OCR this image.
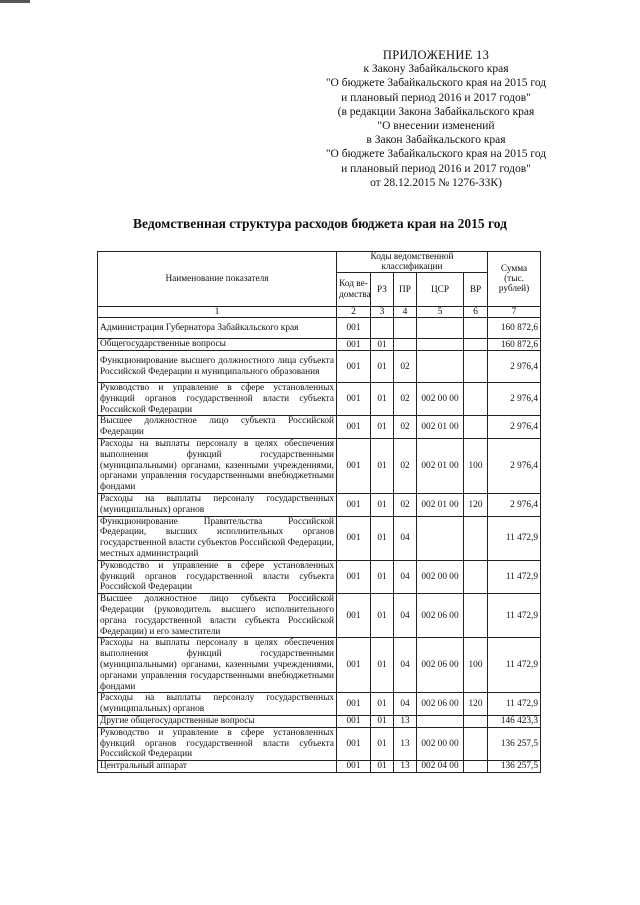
ПРИЛОЖЕНИЕ 13
к Закону Забайкальского края
"О бюджете Забайкальского края на 2015 год
и плановый период 2016 и 2017 годов"
(в редакции Закона Забайкальского края
"О внесении изменений
в Закон Забайкальского края
"О бюджете Забайкальского края на 2015 год
и плановый период 2016 и 2017 годов"
от 28.12.2015 № 1276-ЗЗК)
Ведомственная структура расходов бюджета края на 2015 год
Наименование показателя	Коды ведомственной классификации					Сумма (тыс. рублей)
	Код ве-домства	РЗ	ПР	ЦСР	ВР	
1	2	3	4	5	6	7
Администрация Губернатора Забайкальского края	001					160 872,6
Общегосударственные вопросы	001	01				160 872,6
Функционирование высшего должностного лица субъекта Российской Федерации и муниципального образования	001	01	02			2 976,4
Руководство и управление в сфере установленных функций органов государственной власти субъекта Российской Федерации	001	01	02	002 00 00		2 976,4
Высшее должностное лицо субъекта Российской Федерации	001	01	02	002 01 00		2 976,4
Расходы на выплаты персоналу в целях обеспечения выполнения функций государственными (муниципальными) органами, казенными учреждениями, органами управления государственными внебюджетными фондами	001	01	02	002 01 00	100	2 976,4
Расходы на выплаты персоналу государственных (муниципальных) органов	001	01	02	002 01 00	120	2 976,4
Функционирование Правительства Российской Федерации, высших исполнительных органов государственной власти субъектов Российской Федерации, местных администраций	001	01	04			11 472,9
Руководство и управление в сфере установленных функций органов государственной власти субъекта Российской Федерации	001	01	04	002 00 00		11 472,9
Высшее должностное лицо субъекта Российской Федерации (руководитель высшего исполнительного органа государственной власти субъекта Российской Федерации) и его заместители	001	01	04	002 06 00		11 472,9
Расходы на выплаты персоналу в целях обеспечения выполнения функций государственными (муниципальными) органами, казенными учреждениями, органами управления государственными внебюджетными фондами	001	01	04	002 06 00	100	11 472,9
Расходы на выплаты персоналу государственных (муниципальных) органов	001	01	04	002 06 00	120	11 472,9
Другие общегосударственные вопросы	001	01	13			146 423,3
Руководство и управление в сфере установленных функций органов государственной власти субъекта Российской Федерации	001	01	13	002 00 00		136 257,5
Центральный аппарат	001	01	13	002 04 00		136 257,5
